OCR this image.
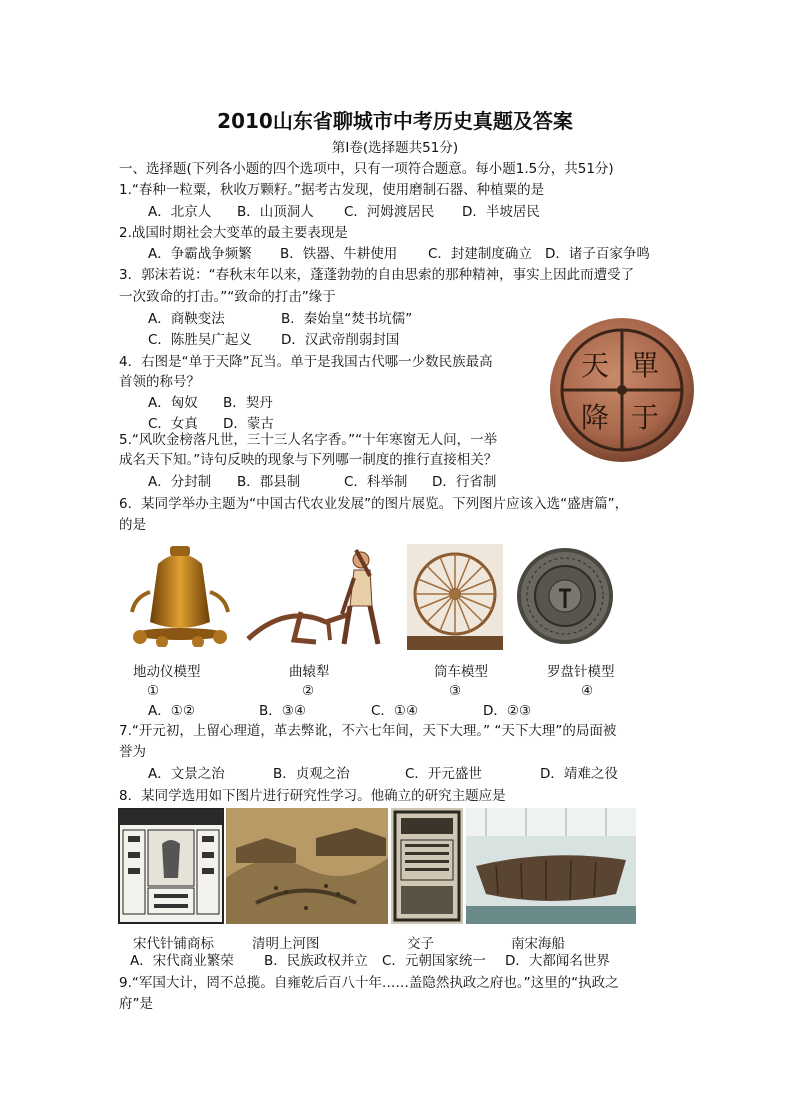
2010山东省聊城市中考历史真题及答案
第Ⅰ卷(选择题共51分)
一、选择题(下列各小题的四个选项中，只有一项符合题意。每小题1.5分，共51分)
1.“春种一粒粟，秋收万颗籽。”据考古发现，使用磨制石器、种植粟的是
A．北京人 B．山顶洞人 C．河姆渡居民 D．半坡居民
2.战国时期社会大变革的最主要表现是
A．争霸战争频繁 B．铁器、牛耕使用 C．封建制度确立 D．诸子百家争鸣
3．郭沫若说：“春秋末年以来，蓬蓬勃勃的自由思索的那种精神，事实上因此而遭受了
一次致命的打击。”“致命的打击”缘于
A．商鞅变法	B．秦始皇“焚书坑儒”
C．陈胜吴广起义 D．汉武帝削弱封国
4．右图是“单于天降”瓦当。单于是我国古代哪一少数民族最高
首领的称号？
A．匈奴 B．契丹
C．女真 D．蒙古
單
于
天
降
5.“风吹金榜落凡世，三十三人名字香。”“十年寒窗无人问，一举
成名天下知。”诗句反映的现象与下列哪一制度的推行直接相关？
A．分封制 B．郡县制	C．科举制 D．行省制
6．某同学举办主题为“中国古代农业发展”的图片展览。下列图片应该入选“盛唐篇”，
的是
地动仪模型	曲辕犁	筒车模型	罗盘针模型
①	②	③	④
A．①②	B．③④	C．①④	D．②③
7.“开元初，上留心理道，革去弊讹，不六七年间，天下大理。” “天下大理”的局面被
誉为
A．文景之治	B．贞观之治	C．开元盛世	D．靖难之役
8．某同学选用如下图片进行研究性学习。他确立的研究主题应是
宋代针铺商标	清明上河图	交子	南宋海船
A．宋代商业繁荣 B．民族政权并立 C．元朝国家统一 D．大都闻名世界
9.“军国大计，罔不总揽。自雍乾后百八十年……盖隐然执政之府也。”这里的“执政之
府”是
